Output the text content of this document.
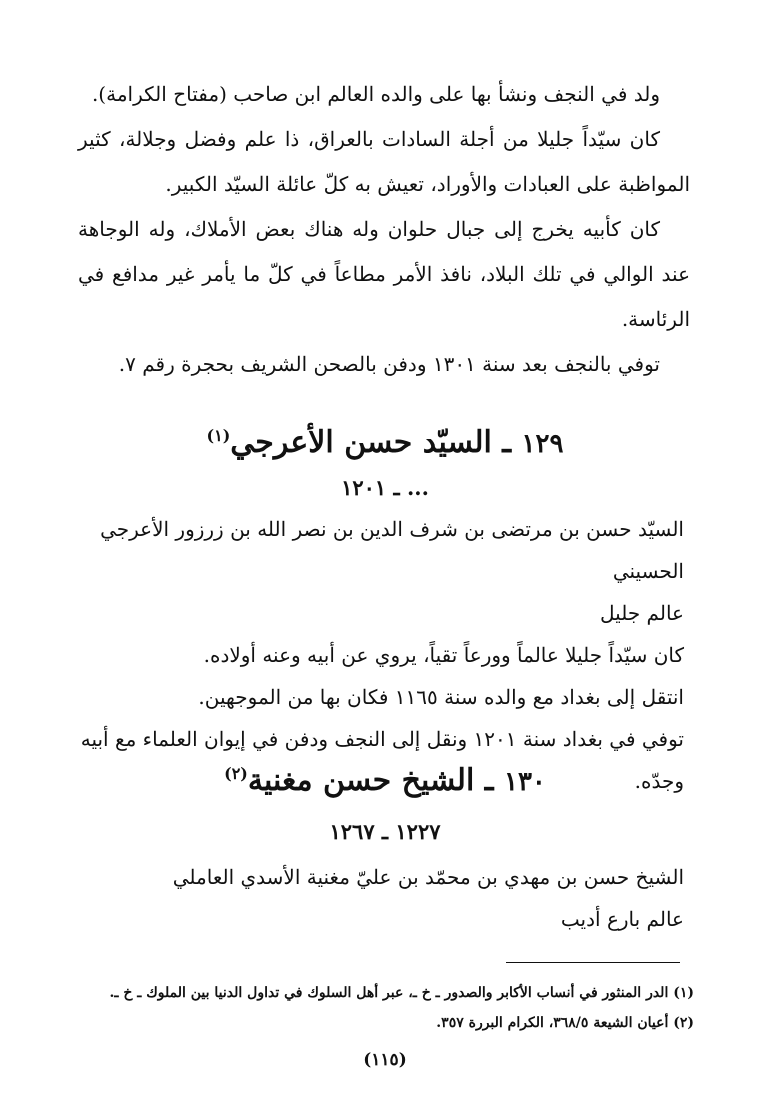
ولد في النجف ونشأ بها على والده العالم ابن صاحب (مفتاح الكرامة).

كان سيّداً جليلا من أجلة السادات بالعراق، ذا علم وفضل وجلالة، كثير المواظبة على العبادات والأوراد، تعيش به كلّ عائلة السيّد الكبير.

كان كأبيه يخرج إلى جبال حلوان وله هناك بعض الأملاك، وله الوجاهة عند الوالي في تلك البلاد، نافذ الأمر مطاعاً في كلّ ما يأمر غير مدافع في الرئاسة.

توفي بالنجف بعد سنة ١٣٠١ ودفن بالصحن الشريف بحجرة رقم ٧.

١٢٩ ـ السيّد حسن الأعرجي$^{(١)}$
... ـ ١٢٠١
السيّد حسن بن مرتضى بن شرف الدين بن نصر الله بن زرزور الأعرجي الحسيني
عالم جليل
كان سيّداً جليلا عالماً وورعاً تقياً، يروي عن أبيه وعنه أولاده.
انتقل إلى بغداد مع والده سنة ١١٦٥ فكان بها من الموجهين.
توفي في بغداد سنة ١٢٠١ ونقل إلى النجف ودفن في إيوان العلماء مع أبيه وجدّه.
١٣٠ ـ الشيخ حسن مغنية$^{(٢)}$
١٢٢٧ ـ ١٢٦٧
الشيخ حسن بن مهدي بن محمّد بن عليّ مغنية الأسدي العاملي
عالم بارع أديب
(١) الدر المنثور في أنساب الأكابر والصدور ـ خ ـ، عبر أهل السلوك في تداول الدنيا بين الملوك ـ خ ـ.
(٢) أعيان الشيعة ٣٦٨/٥، الكرام البررة ٣٥٧.
(١١٥)
